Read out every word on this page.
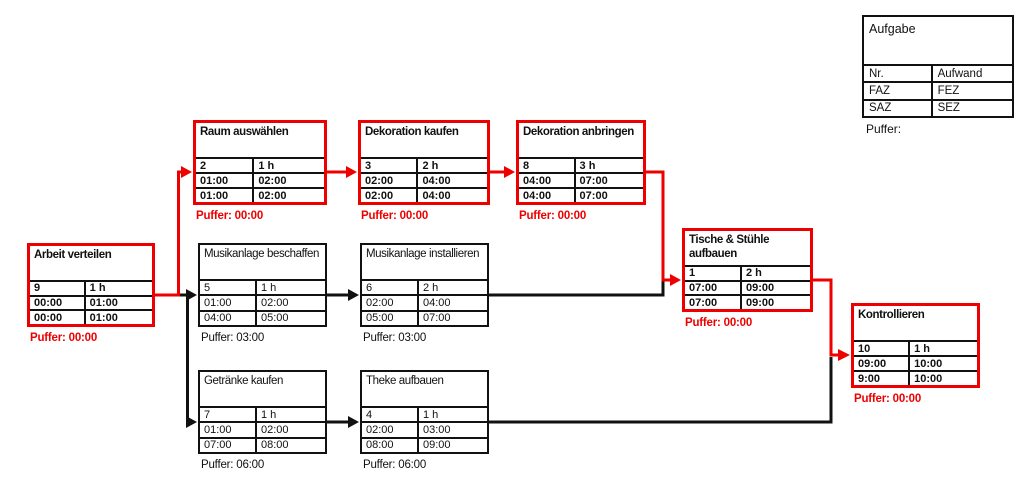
Arbeit verteilen
9	1 h
00:00	01:00
00:00	01:00
Puffer: 00:00
Raum auswählen
2	1 h
01:00	02:00
01:00	02:00
Puffer: 00:00
Dekoration kaufen
3	2 h
02:00	04:00
02:00	04:00
Puffer: 00:00
Dekoration anbringen
8	3 h
04:00	07:00
04:00	07:00
Puffer: 00:00
Musikanlage beschaffen
5	1 h
01:00	02:00
04:00	05:00
Puffer: 03:00
Musikanlage installieren
6	2 h
02:00	04:00
05:00	07:00
Puffer: 03:00
Getränke kaufen
7	1 h
01:00	02:00
07:00	08:00
Puffer: 06:00
Theke aufbauen
4	1 h
02:00	03:00
08:00	09:00
Puffer: 06:00
Tische & Stühle aufbauen
1	2 h
07:00	09:00
07:00	09:00
Puffer: 00:00
Kontrollieren
10	1 h
09:00	10:00
9:00	10:00
Puffer: 00:00
Aufgabe
Nr.	Aufwand
FAZ	FEZ
SAZ	SEZ
Puffer:
